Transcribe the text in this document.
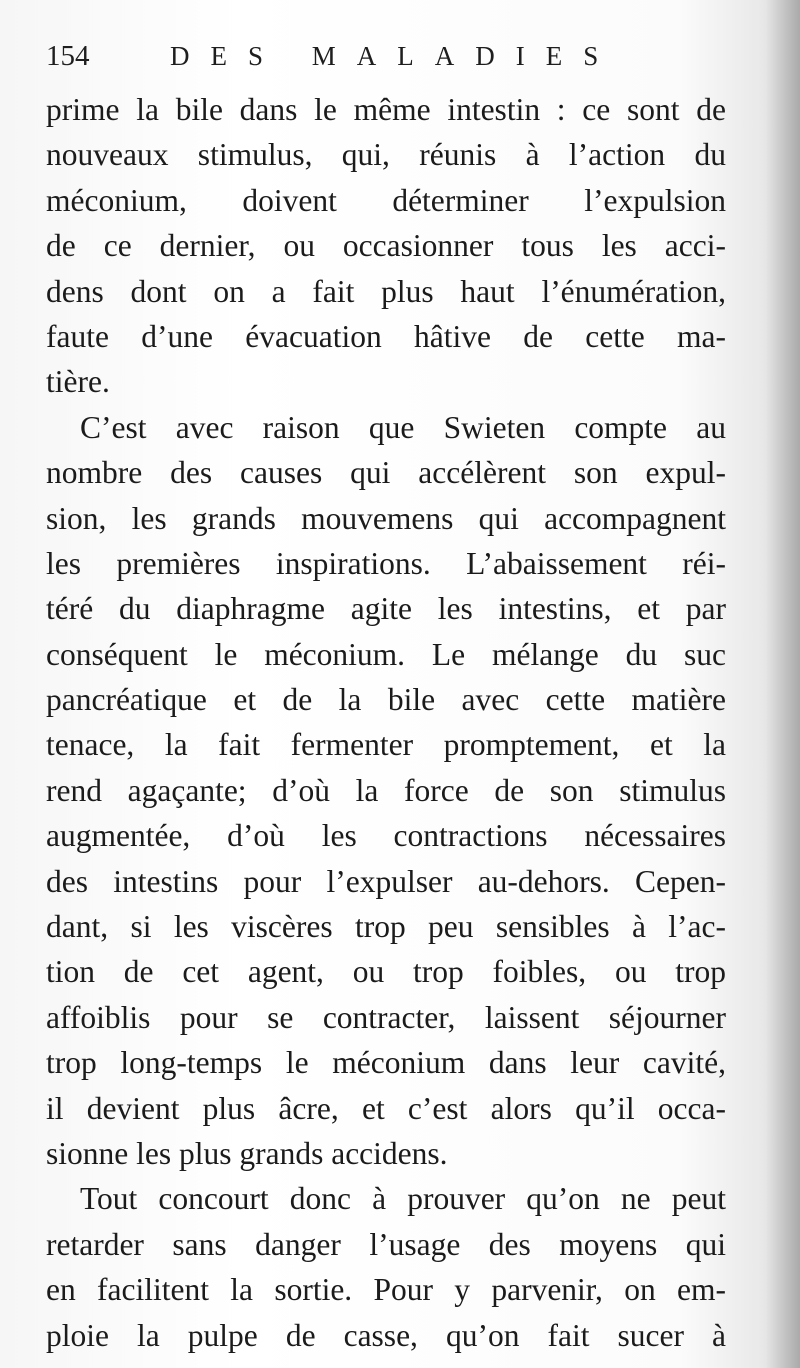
154	DES MALADIES
prime la bile dans le même intestin : ce sont de
nouveaux stimulus, qui, réunis à l’action du
méconium, doivent déterminer l’expulsion
de ce dernier, ou occasionner tous les acci-
dens dont on a fait plus haut l’énumération,
faute d’une évacuation hâtive de cette ma-
tière.
C’est avec raison que Swieten compte au
nombre des causes qui accélèrent son expul-
sion, les grands mouvemens qui accompagnent
les premières inspirations. L’abaissement réi-
téré du diaphragme agite les intestins, et par
conséquent le méconium. Le mélange du suc
pancréatique et de la bile avec cette matière
tenace, la fait fermenter promptement, et la
rend agaçante; d’où la force de son stimulus
augmentée, d’où les contractions nécessaires
des intestins pour l’expulser au-dehors. Cepen-
dant, si les viscères trop peu sensibles à l’ac-
tion de cet agent, ou trop foibles, ou trop
affoiblis pour se contracter, laissent séjourner
trop long-temps le méconium dans leur cavité,
il devient plus âcre, et c’est alors qu’il occa-
sionne les plus grands accidens.
Tout concourt donc à prouver qu’on ne peut
retarder sans danger l’usage des moyens qui
en facilitent la sortie. Pour y parvenir, on em-
ploie la pulpe de casse, qu’on fait sucer à
